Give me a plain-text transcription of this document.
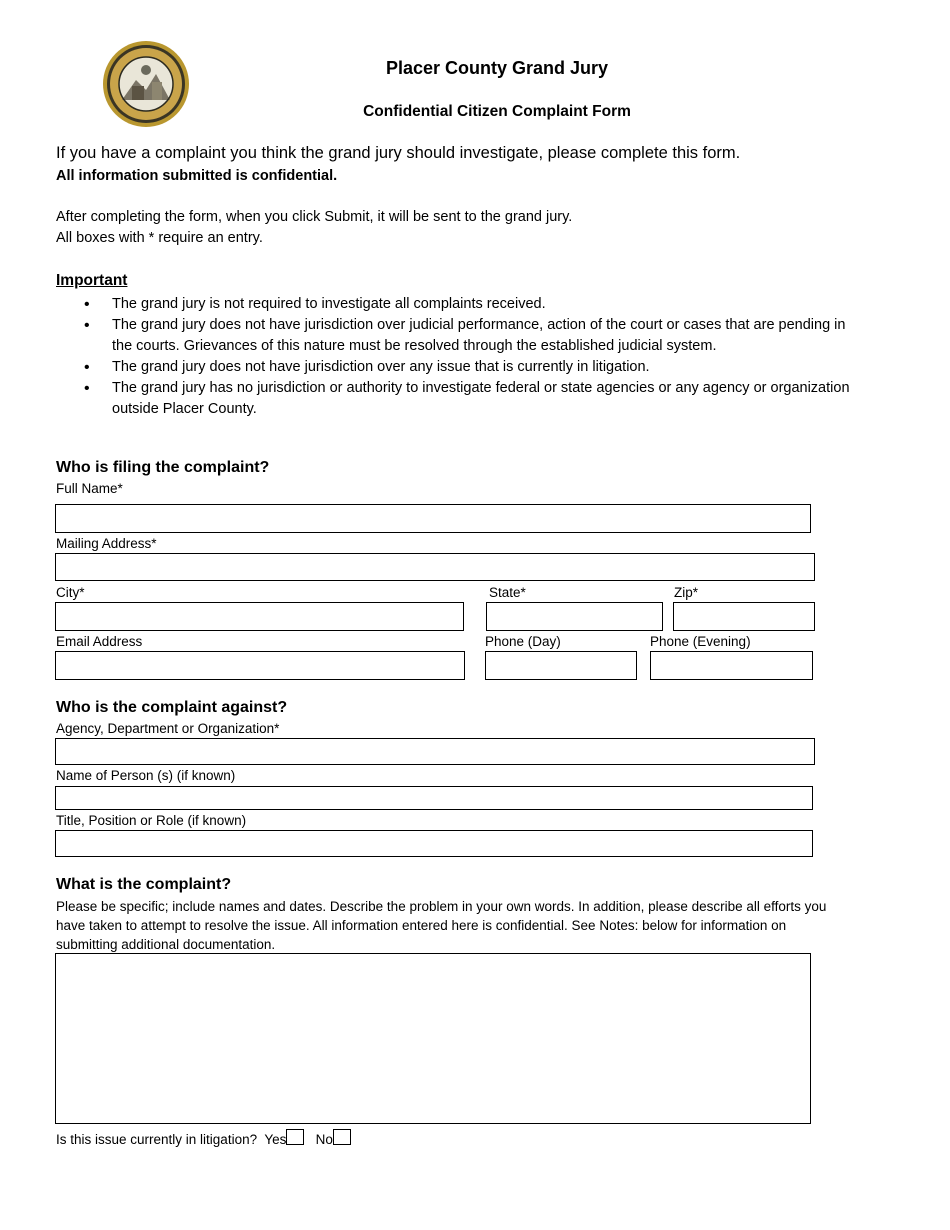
Placer County Grand Jury
Confidential Citizen Complaint Form
If you have a complaint you think the grand jury should investigate, please complete this form.
All information submitted is confidential.
After completing the form, when you click Submit, it will be sent to the grand jury.
All boxes with * require an entry.
Important
• The grand jury is not required to investigate all complaints received.
• The grand jury does not have jurisdiction over judicial performance, action of the court or cases that are pending in the courts. Grievances of this nature must be resolved through the established judicial system.
• The grand jury does not have jurisdiction over any issue that is currently in litigation.
• The grand jury has no jurisdiction or authority to investigate federal or state agencies or any agency or organization outside Placer County.
Who is filing the complaint?
Full Name*
Mailing Address*
City*	State*	Zip*
Email Address	Phone (Day)	Phone (Evening)
Who is the complaint against?
Agency, Department or Organization*
Name of Person (s) (if known)
Title, Position or Role (if known)
What is the complaint?
Please be specific; include names and dates. Describe the problem in your own words. In addition, please describe all efforts you have taken to attempt to resolve the issue. All information entered here is confidential. See Notes: below for information on submitting additional documentation.
Is this issue currently in litigation? Yes No
